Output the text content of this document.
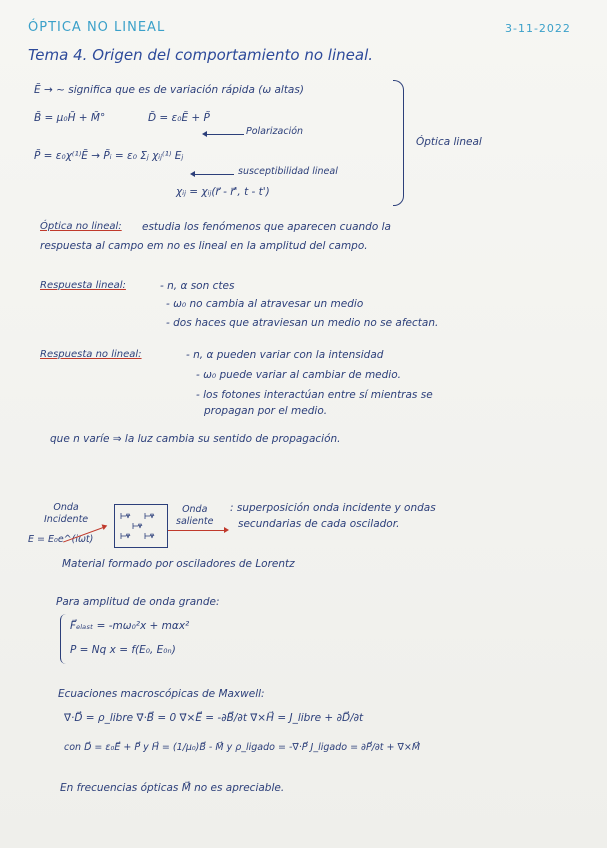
ÓPTICA NO LINEAL	3-11-2022
Tema 4. Origen del comportamiento no lineal.
Ẽ → ~ significa que es de variación rápida (ω altas)
B̃ = μ₀H̃ + M̃°	D̃ = ε₀Ẽ + P̃
Polarización
P̃ = ε₀χ⁽¹⁾Ẽ → P̃ᵢ = ε₀ Σⱼ χᵢⱼ⁽¹⁾ Eⱼ
susceptibilidad lineal
χᵢⱼ = χᵢⱼ(r⃗ - r⃗', t - t')
Óptica lineal
Óptica no lineal: estudia los fenómenos que aparecen cuando la
respuesta al campo em no es lineal en la amplitud del campo.
Respuesta lineal:	- n, α son ctes
- ω₀ no cambia al atravesar un medio
- dos haces que atraviesan un medio no se afectan.
Respuesta no lineal:	- n, α pueden variar con la intensidad
- ω₀ puede variar al cambiar de medio.
- los fotones interactúan entre sí mientras se
propagan por el medio.
que n varíe ⇒ la luz cambia su sentido de propagación.
Onda
Incidente
E = E₀e^(iωt)
Onda
saliente
: superposición onda incidente y ondas
secundarias de cada oscilador.
Material formado por osciladores de Lorentz
Para amplitud de onda grande:
F⃗ₑₗₐₛₜ = -mω₀²x + mαx²
P = Nq x = f(E₀, E₀ₙ)
Ecuaciones macroscópicas de Maxwell:
∇⃗·D⃗ = ρ_libre ∇⃗·B⃗ = 0 ∇⃗×E⃗ = -∂B⃗/∂t ∇⃗×H⃗ = J_libre + ∂D⃗/∂t
con D⃗ = ε₀E⃗ + P⃗ y H⃗ = (1/μ₀)B⃗ - M⃗ y ρ_ligado = -∇⃗·P⃗ J_ligado = ∂P⃗/∂t + ∇⃗×M⃗
En frecuencias ópticas M⃗ no es apreciable.
